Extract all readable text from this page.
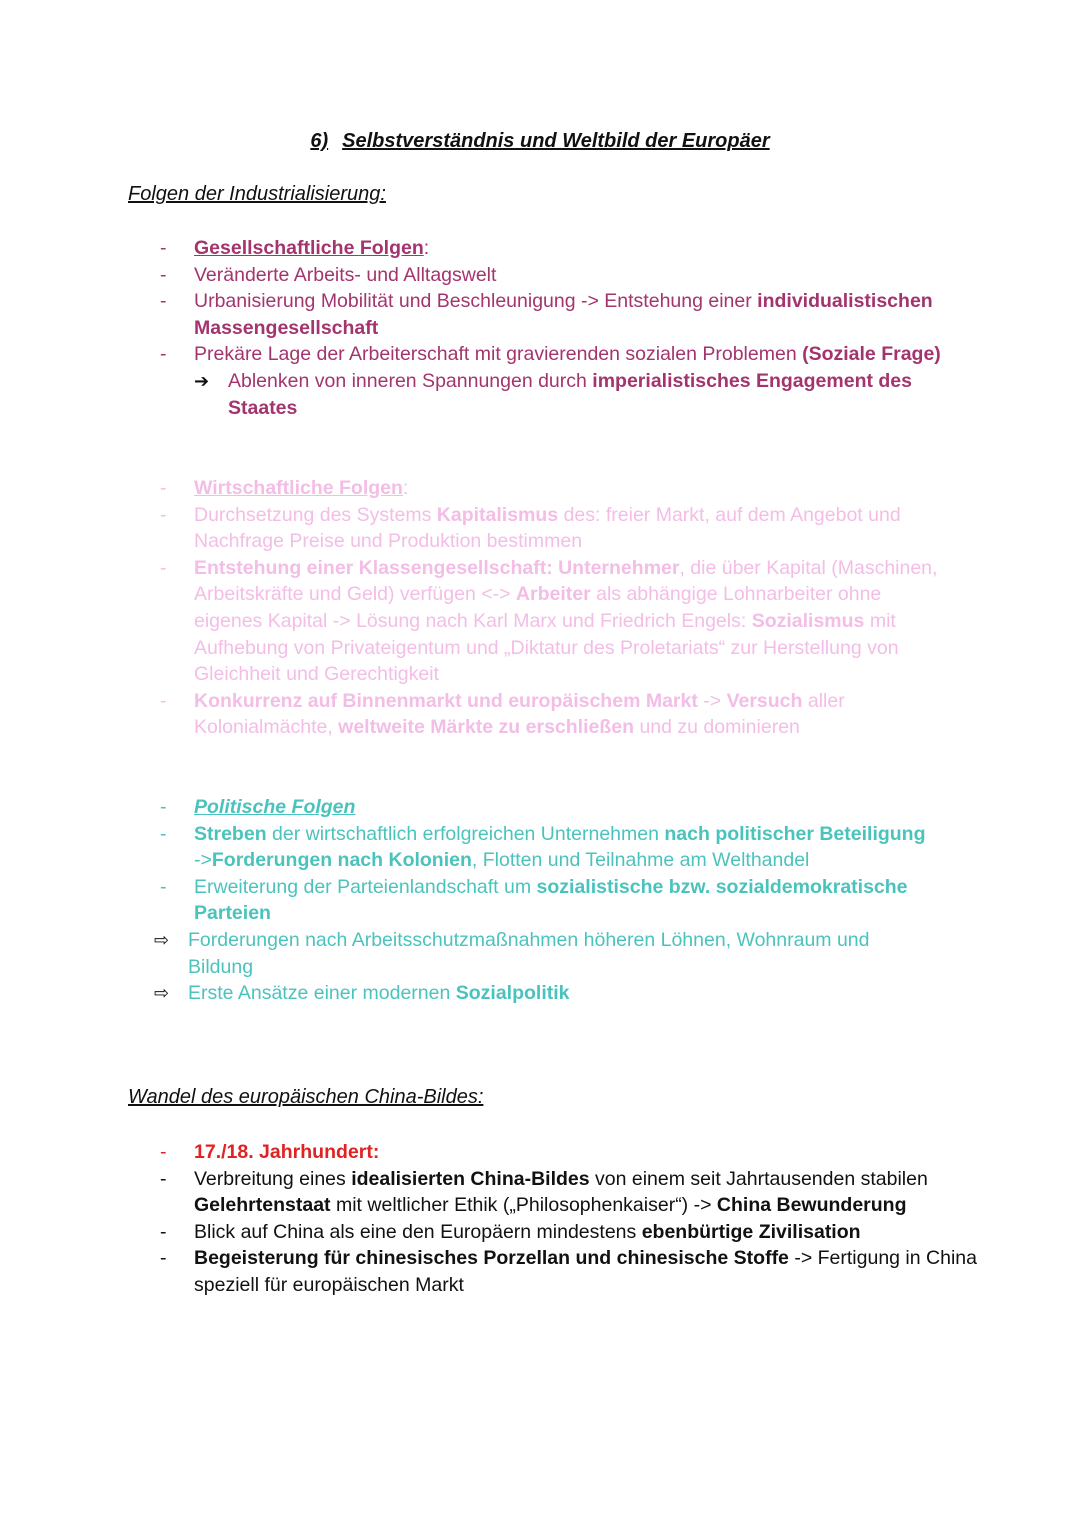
6) Selbstverständnis und Weltbild der Europäer
Folgen der Industrialisierung:
- Gesellschaftliche Folgen:
- Veränderte Arbeits- und Alltagswelt
- Urbanisierung Mobilität und Beschleunigung -> Entstehung einer individualistischen
Massengesellschaft
- Prekäre Lage der Arbeiterschaft mit gravierenden sozialen Problemen (Soziale Frage)
➔ Ablenken von inneren Spannungen durch imperialistisches Engagement des
Staates
- Wirtschaftliche Folgen:
- Durchsetzung des Systems Kapitalismus des: freier Markt, auf dem Angebot und
Nachfrage Preise und Produktion bestimmen
- Entstehung einer Klassengesellschaft: Unternehmer, die über Kapital (Maschinen,
Arbeitskräfte und Geld) verfügen <-> Arbeiter als abhängige Lohnarbeiter ohne
eigenes Kapital -> Lösung nach Karl Marx und Friedrich Engels: Sozialismus mit
Aufhebung von Privateigentum und „Diktatur des Proletariats“ zur Herstellung von
Gleichheit und Gerechtigkeit
- Konkurrenz auf Binnenmarkt und europäischem Markt -> Versuch aller
Kolonialmächte, weltweite Märkte zu erschließen und zu dominieren
- Politische Folgen
- Streben der wirtschaftlich erfolgreichen Unternehmen nach politischer Beteiligung
->Forderungen nach Kolonien, Flotten und Teilnahme am Welthandel
- Erweiterung der Parteienlandschaft um sozialistische bzw. sozialdemokratische
Parteien
⇨ Forderungen nach Arbeitsschutzmaßnahmen höheren Löhnen, Wohnraum und
Bildung
⇨ Erste Ansätze einer modernen Sozialpolitik
Wandel des europäischen China-Bildes:
- 17./18. Jahrhundert:
- Verbreitung eines idealisierten China-Bildes von einem seit Jahrtausenden stabilen
Gelehrtenstaat mit weltlicher Ethik („Philosophenkaiser“) -> China Bewunderung
- Blick auf China als eine den Europäern mindestens ebenbürtige Zivilisation
- Begeisterung für chinesisches Porzellan und chinesische Stoffe -> Fertigung in China
speziell für europäischen Markt
